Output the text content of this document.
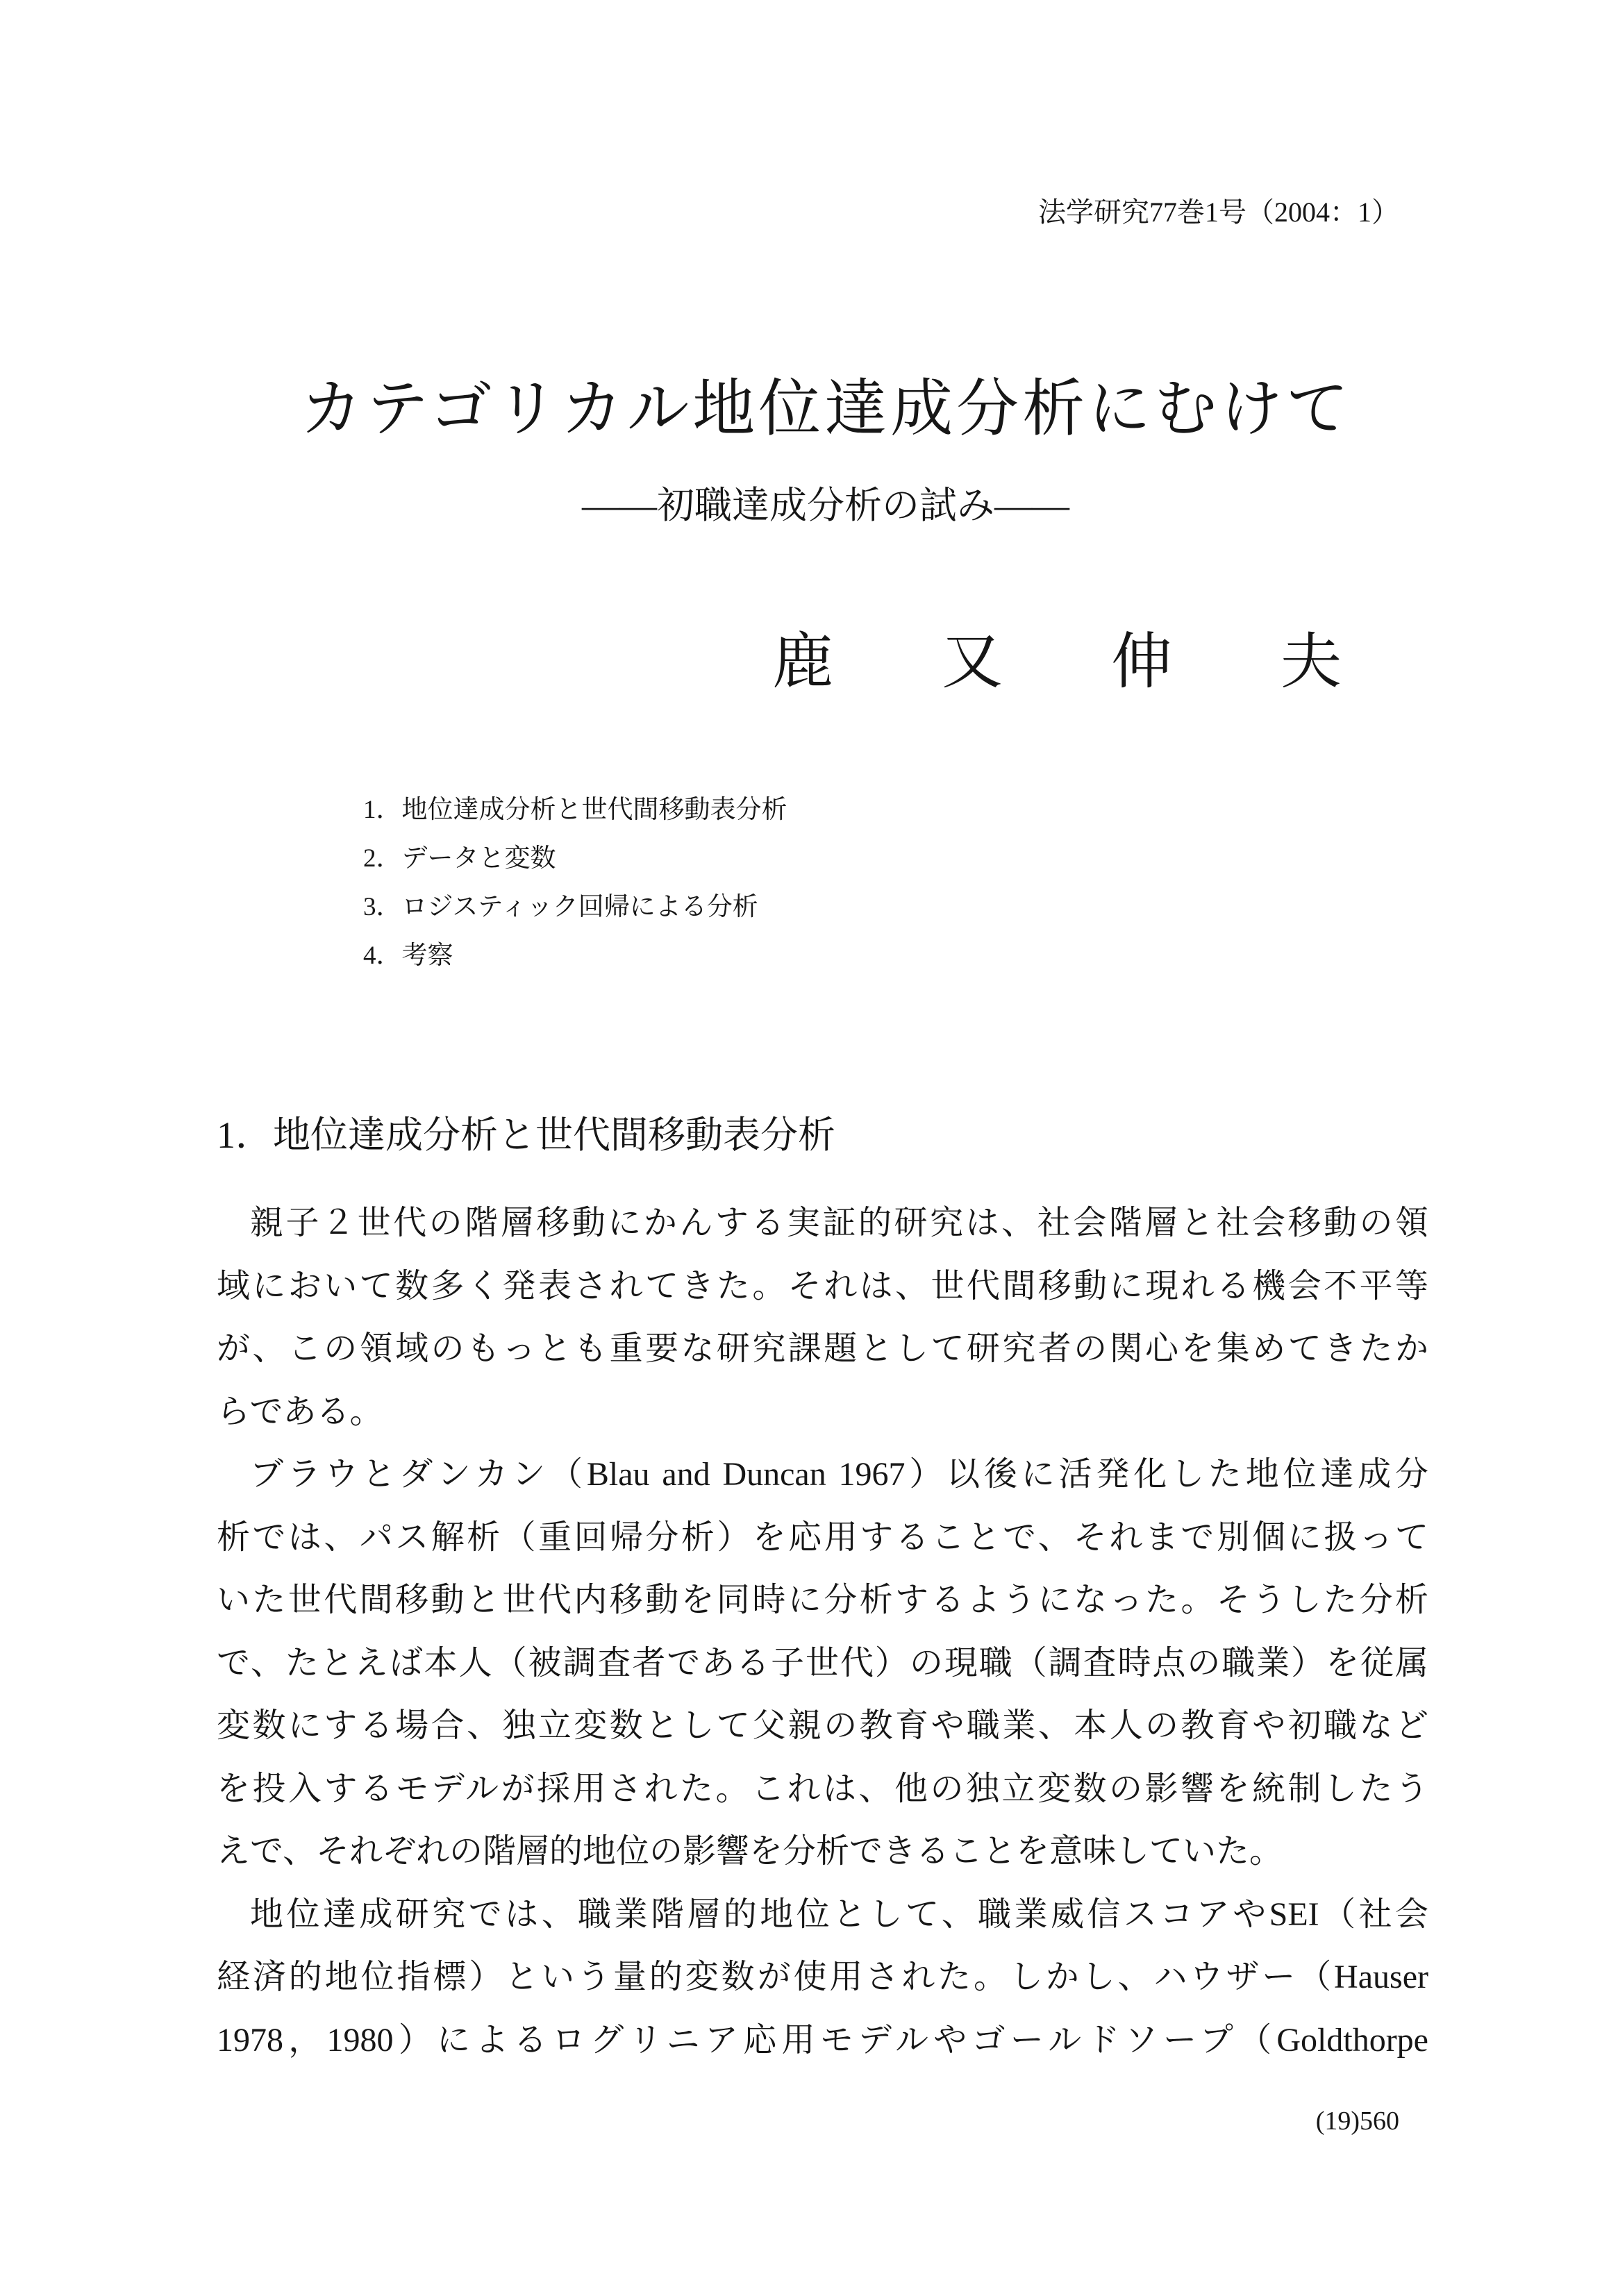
法学研究77巻1号（2004：1）
カテゴリカル地位達成分析にむけて
――初職達成分析の試み――
鹿　又　伸　夫
1．地位達成分析と世代間移動表分析
2．データと変数
3．ロジスティック回帰による分析
4．考察
1．地位達成分析と世代間移動表分析
親子２世代の階層移動にかんする実証的研究は、社会階層と社会移動の領
域において数多く発表されてきた。それは、世代間移動に現れる機会不平等
が、この領域のもっとも重要な研究課題として研究者の関心を集めてきたか
らである。
ブラウとダンカン（Blau and Duncan 1967）以後に活発化した地位達成分
析では、パス解析（重回帰分析）を応用することで、それまで別個に扱って
いた世代間移動と世代内移動を同時に分析するようになった。そうした分析
で、たとえば本人（被調査者である子世代）の現職（調査時点の職業）を従属
変数にする場合、独立変数として父親の教育や職業、本人の教育や初職など
を投入するモデルが採用された。これは、他の独立変数の影響を統制したう
えで、それぞれの階層的地位の影響を分析できることを意味していた。
地位達成研究では、職業階層的地位として、職業威信スコアやSEI（社会
経済的地位指標）という量的変数が使用された。しかし、ハウザー（Hauser
1978，1980）によるログリニア応用モデルやゴールドソープ（Goldthorpe
(19)560
